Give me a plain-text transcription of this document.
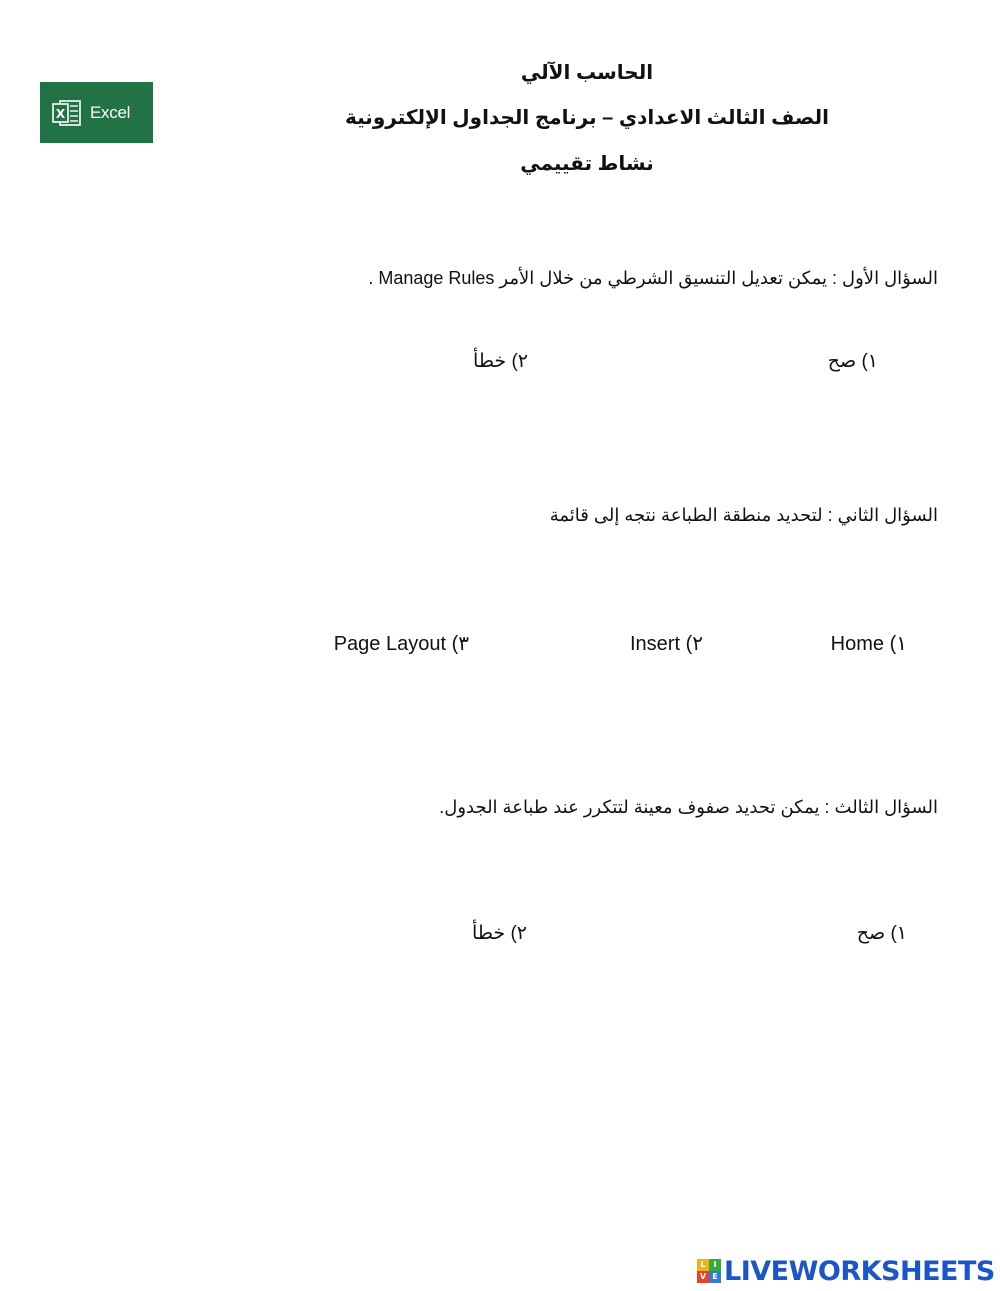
X Excel
الحاسب الآلي
الصف الثالث الاعدادي – برنامج الجداول الإلكترونية
نشاط تقييمي
السؤال الأول : يمكن تعديل التنسيق الشرطي من خلال الأمر Manage Rules .
١) صح
٢) خطأ
السؤال الثاني : لتحديد منطقة الطباعة نتجه إلى قائمة
١) Home
٢) Insert
٣) Page Layout
السؤال الثالث : يمكن تحديد صفوف معينة لتتكرر عند طباعة الجدول.
١) صح
٢) خطأ
L I
V E LIVEWORKSHEETS
